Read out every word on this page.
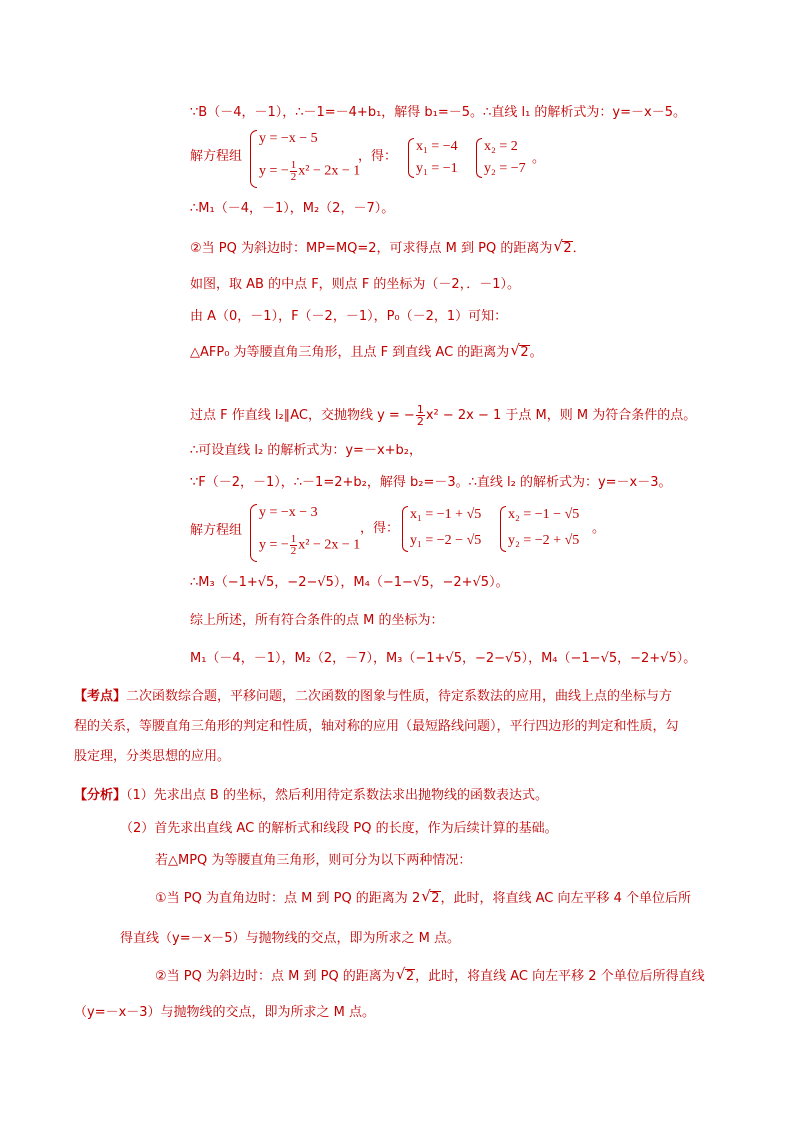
∵B（－4，－1），∴－1=－4+b₁，解得 b₁=－5。∴直线 l₁ 的解析式为：y=－x－5。
解方程组
y = −x − 5
y = − $\frac{1}{2} x^2 - 2x - 1$
，得：
x₁ = −4
y₁ = −1
x₂ = 2
y₂ = −7
。
∴M₁（－4，－1），M₂（2，－7）。
②当 PQ 为斜边时：MP=MQ=2，可求得点 M 到 PQ 的距离为 √ 2．
如图，取 AB 的中点 F，则点 F 的坐标为（－2，．－1）。
由 A（0，－1），F（－2，－1），P₀（－2，1）可知：
△AFP₀ 为等腰直角三角形，且点 F 到直线 AC 的距离为 √ 2。
过点 F 作直线 l₂∥AC，交抛物线 y = − $\frac{1}{2} x^2 - 2x - 1$ 于点 M，则 M 为符合条件的点。
∴可设直线 l₂ 的解析式为：y=－x+b₂，
∵F（－2，－1），∴－1=2+b₂，解得 b₂=－3。∴直线 l₂ 的解析式为：y=－x－3。
解方程组
y = −x − 3
y = − $\frac{1}{2} x^2 - 2x - 1$
，得：
x₁ = −1 + √5
y₁ = −2 − √5
x₂ = −1 − √5
y₂ = −2 + √5
。
∴M₃（−1+√5，−2−√5），M₄（−1−√5，−2+√5）。
综上所述，所有符合条件的点 M 的坐标为：
M₁（－4，－1），M₂（2，－7），M₃（−1+√5，−2−√5），M₄（−1−√5，−2+√5）。
【考点】二次函数综合题，平移问题，二次函数的图象与性质，待定系数法的应用，曲线上点的坐标与方
程的关系，等腰直角三角形的判定和性质，轴对称的应用（最短路线问题），平行四边形的判定和性质，勾
股定理，分类思想的应用。
【分析】（1）先求出点 B 的坐标，然后利用待定系数法求出抛物线的函数表达式。
（2）首先求出直线 AC 的解析式和线段 PQ 的长度，作为后续计算的基础。
若△MPQ 为等腰直角三角形，则可分为以下两种情况：
①当 PQ 为直角边时：点 M 到 PQ 的距离为 2 √ 2，此时，将直线 AC 向左平移 4 个单位后所
得直线（y=－x－5）与抛物线的交点，即为所求之 M 点。
②当 PQ 为斜边时：点 M 到 PQ 的距离为 √ 2，此时，将直线 AC 向左平移 2 个单位后所得直线
（y=－x－3）与抛物线的交点，即为所求之 M 点。
